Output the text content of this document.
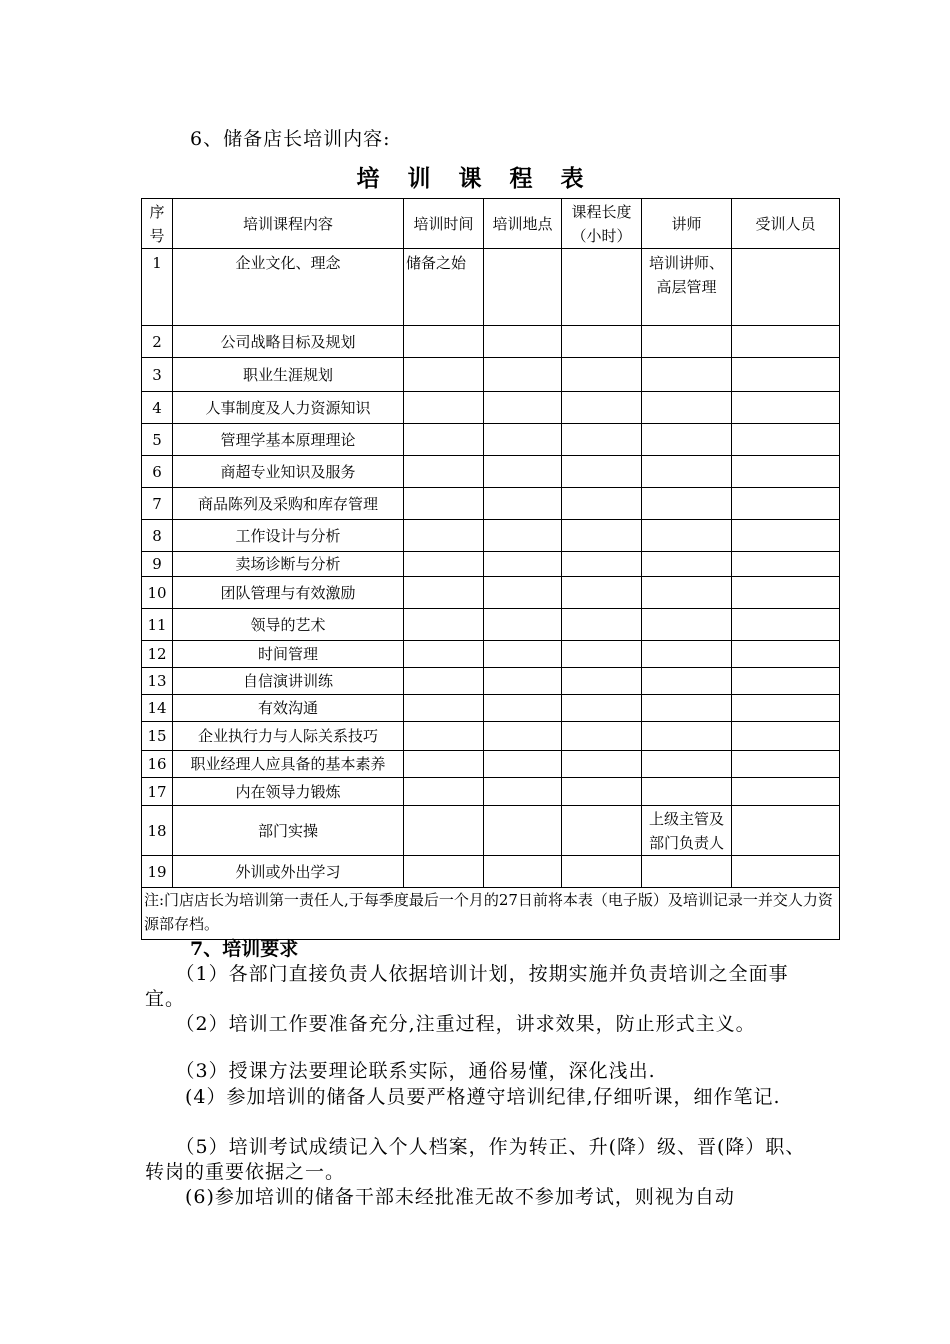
6、储备店长培训内容:
培 训 课 程 表
序号	培训课程内容	培训时间	培训地点	课程长度（小时）	讲师	受训人员
1	企业文化、理念	储备之始			培训讲师、高层管理	
2	公司战略目标及规划					
3	职业生涯规划					
4	人事制度及人力资源知识					
5	管理学基本原理理论					
6	商超专业知识及服务					
7	商品陈列及采购和库存管理					
8	工作设计与分析					
9	卖场诊断与分析					
10	团队管理与有效激励					
11	领导的艺术					
12	时间管理					
13	自信演讲训练					
14	有效沟通					
15	企业执行力与人际关系技巧					
16	职业经理人应具备的基本素养					
17	内在领导力锻炼					
18	部门实操				上级主管及部门负责人	
19	外训或外出学习					
注:门店店长为培训第一责任人,于每季度最后一个月的27日前将本表（电子版）及培训记录一并交人力资源部存档。						
7、培训要求
　　（1）各部门直接负责人依据培训计划，按期实施并负责培训之全面事宜。
　　（2）培训工作要准备充分,注重过程，讲求效果，防止形式主义。
　　（3）授课方法要理论联系实际，通俗易懂，深化浅出.
　　(4）参加培训的储备人员要严格遵守培训纪律,仔细听课，细作笔记.
　　（5）培训考试成绩记入个人档案，作为转正、升(降）级、晋(降）职、转岗的重要依据之一。
　　(6)参加培训的储备干部未经批准无故不参加考试，则视为自动
